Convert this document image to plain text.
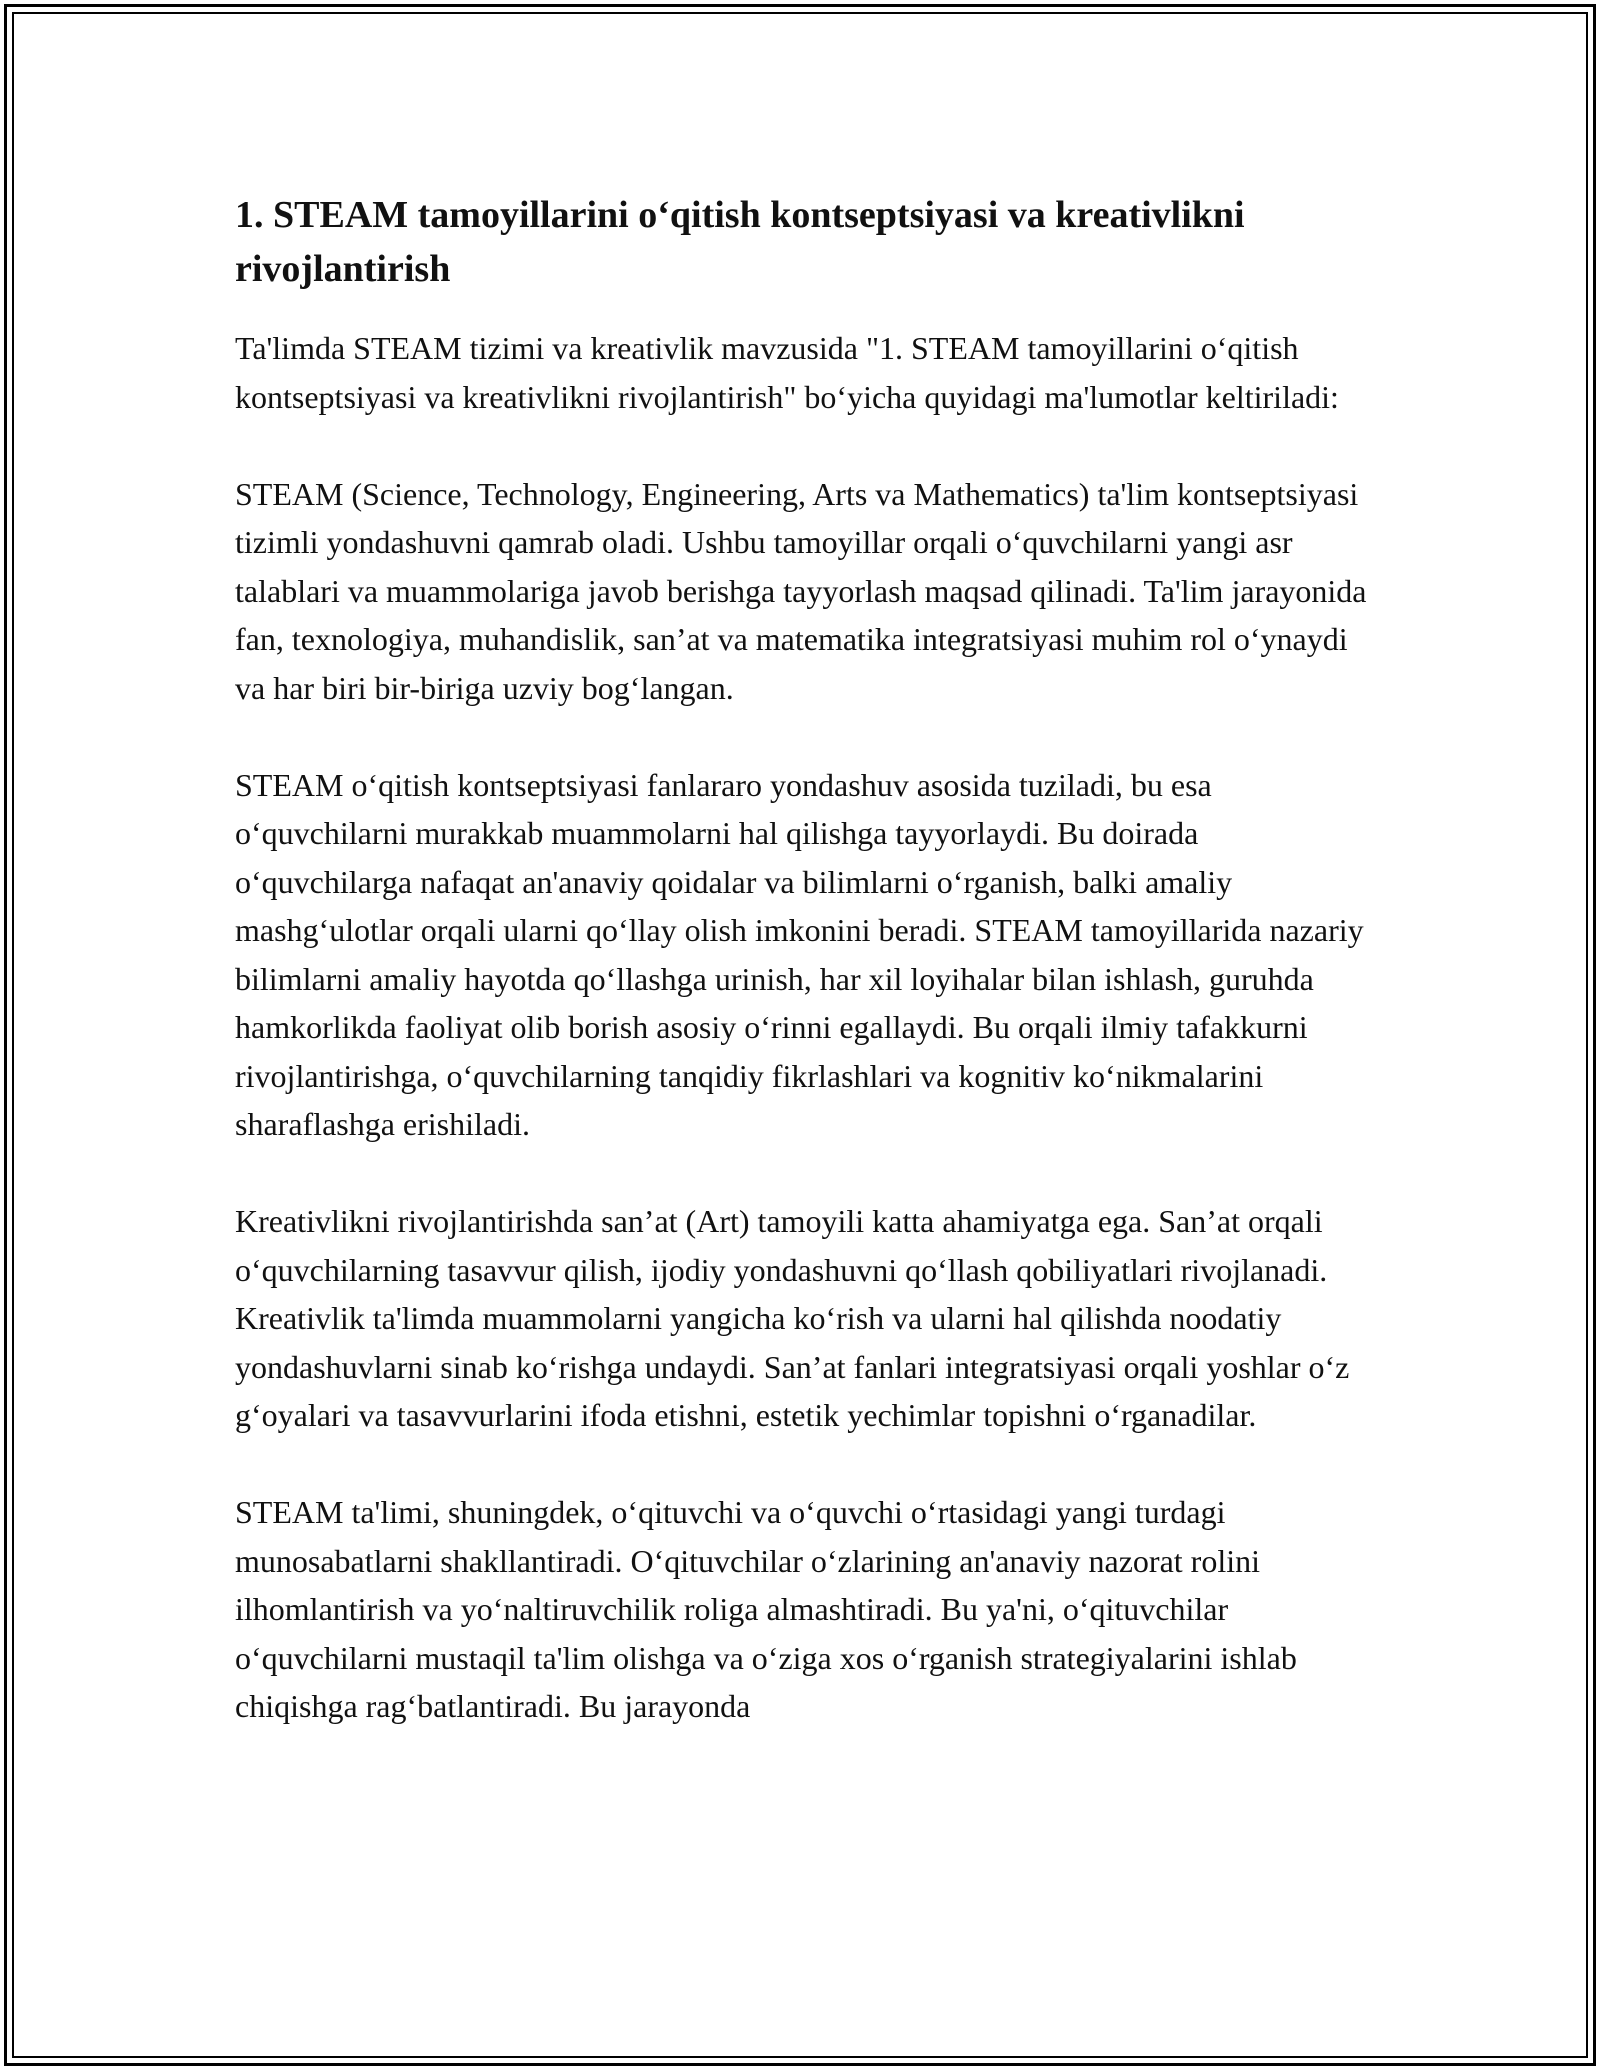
1. STEAM tamoyillarini o‘qitish kontseptsiyasi va kreativlikni rivojlantirish

Ta'limda STEAM tizimi va kreativlik mavzusida "1. STEAM tamoyillarini o‘qitish kontseptsiyasi va kreativlikni rivojlantirish" bo‘yicha quyidagi ma'lumotlar keltiriladi:

STEAM (Science, Technology, Engineering, Arts va Mathematics) ta'lim kontseptsiyasi tizimli yondashuvni qamrab oladi. Ushbu tamoyillar orqali o‘quvchilarni yangi asr talablari va muammolariga javob berishga tayyorlash maqsad qilinadi. Ta'lim jarayonida fan, texnologiya, muhandislik, san’at va matematika integratsiyasi muhim rol o‘ynaydi va har biri bir-biriga uzviy bog‘langan.

STEAM o‘qitish kontseptsiyasi fanlararo yondashuv asosida tuziladi, bu esa o‘quvchilarni murakkab muammolarni hal qilishga tayyorlaydi. Bu doirada o‘quvchilarga nafaqat an'anaviy qoidalar va bilimlarni o‘rganish, balki amaliy mashg‘ulotlar orqali ularni qo‘llay olish imkonini beradi. STEAM tamoyillarida nazariy bilimlarni amaliy hayotda qo‘llashga urinish, har xil loyihalar bilan ishlash, guruhda hamkorlikda faoliyat olib borish asosiy o‘rinni egallaydi. Bu orqali ilmiy tafakkurni rivojlantirishga, o‘quvchilarning tanqidiy fikrlashlari va kognitiv ko‘nikmalarini sharaflashga erishiladi.

Kreativlikni rivojlantirishda san’at (Art) tamoyili katta ahamiyatga ega. San’at orqali o‘quvchilarning tasavvur qilish, ijodiy yondashuvni qo‘llash qobiliyatlari rivojlanadi. Kreativlik ta'limda muammolarni yangicha ko‘rish va ularni hal qilishda noodatiy yondashuvlarni sinab ko‘rishga undaydi. San’at fanlari integratsiyasi orqali yoshlar o‘z g‘oyalari va tasavvurlarini ifoda etishni, estetik yechimlar topishni o‘rganadilar.

STEAM ta'limi, shuningdek, o‘qituvchi va o‘quvchi o‘rtasidagi yangi turdagi munosabatlarni shakllantiradi. O‘qituvchilar o‘zlarining an'anaviy nazorat rolini ilhomlantirish va yo‘naltiruvchilik roliga almashtiradi. Bu ya'ni, o‘qituvchilar o‘quvchilarni mustaqil ta'lim olishga va o‘ziga xos o‘rganish strategiyalarini ishlab chiqishga rag‘batlantiradi. Bu jarayonda
